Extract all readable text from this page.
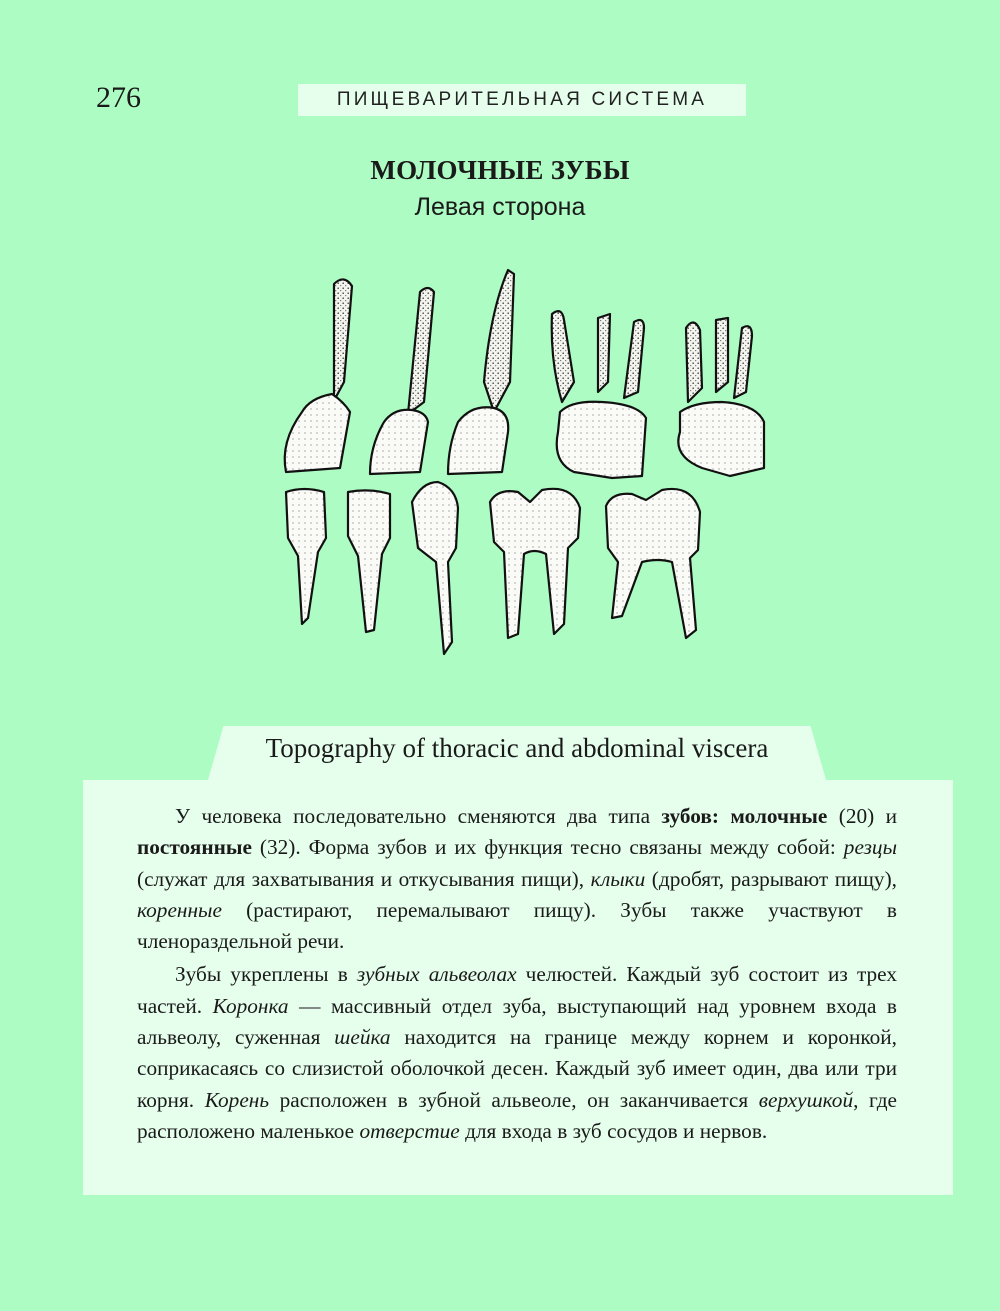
276	ПИЩЕВАРИТЕЛЬНАЯ СИСТЕМА
МОЛОЧНЫЕ ЗУБЫ
Левая сторона
Topography of thoracic and abdominal viscera

У человека последовательно сменяются два типа зубов: молочные (20) и постоянные (32). Форма зубов и их функция тесно связаны между собой: резцы (служат для захватывания и откусывания пищи), клыки (дробят, разрывают пищу), коренные (растирают, перемалывают пищу). Зубы также участвуют в членораздельной речи.

Зубы укреплены в зубных альвеолах челюстей. Каждый зуб состоит из трех частей. Коронка — массивный отдел зуба, выступающий над уровнем входа в альвеолу, суженная шейка находится на границе между корнем и коронкой, соприкасаясь со слизистой оболочкой десен. Каждый зуб имеет один, два или три корня. Корень расположен в зубной альвеоле, он заканчивается верхушкой, где расположено маленькое отверстие для входа в зуб сосудов и нервов.
